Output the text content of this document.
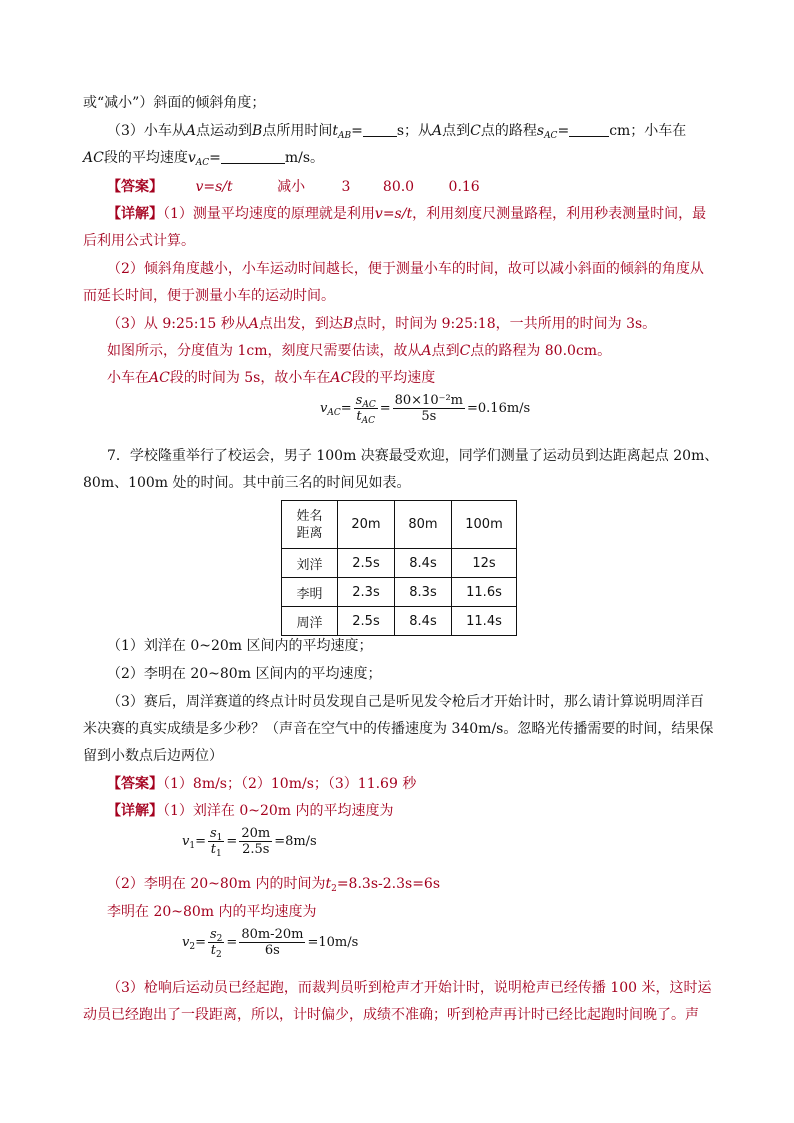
或“减小”）斜面的倾斜角度；
（3）小车从A点运动到B点所用时间$t_{AB}= s$；从A点到C点的路程$s_{AC}=$	cm；小车在
AC段的平均速度$v_{AC}=$	m/s。
【答案】 v=s/t	减小	3 80.0 0.16
【详解】（1）测量平均速度的原理就是利用v=s/t，利用刻度尺测量路程，利用秒表测量时间，最
后利用公式计算。
（2）倾斜角度越小，小车运动时间越长，便于测量小车的时间，故可以减小斜面的倾斜的角度从
而延长时间，便于测量小车的运动时间。
（3）从 9:25:15 秒从A点出发，到达B点时，时间为 9:25:18，一共所用的时间为 3s。
如图所示，分度值为 1cm，刻度尺需要估读，故从A点到C点的路程为 80.0cm。
小车在AC段的时间为 5s，故小车在AC段的平均速度
$v_{AC} = \frac{s_{AC}}{t_{AC}} = \frac{\text{80×10⁻²m}}{5s} =0.16m/s$
7．学校隆重举行了校运会，男子 100m 决赛最受欢迎，同学们测量了运动员到达距离起点 20m、
80m、100m 处的时间。其中前三名的时间见如表。
姓名
距离	20m	80m	100m
刘洋	2.5s	8.4s	12s
李明	2.3s	8.3s	11.6s
周洋	2.5s	8.4s	11.4s
（1）刘洋在 0~20m 区间内的平均速度；
（2）李明在 20~80m 区间内的平均速度；
（3）赛后，周洋赛道的终点计时员发现自己是听见发令枪后才开始计时，那么请计算说明周洋百
米决赛的真实成绩是多少秒？（声音在空气中的传播速度为 340m/s。忽略光传播需要的时间，结果保
留到小数点后边两位）
【答案】（1）8m/s；（2）10m/s；（3）11.69 秒
【详解】（1）刘洋在 0~20m 内的平均速度为
$v_1 = \frac{s_1}{t_1} = \frac{20m}{2.5s} =8m/s$
（2）李明在 20~80m 内的时间为$t_2=8.3s-2.3s=6s$
李明在 20~80m 内的平均速度为
$v_2 = \frac{s_2}{t_2} = \frac{80m-20m}{6s} =10m/s$
（3）枪响后运动员已经起跑，而裁判员听到枪声才开始计时，说明枪声已经传播 100 米，这时运
动员已经跑出了一段距离，所以，计时偏少，成绩不准确；听到枪声再计时已经比起跑时间晚了。声
